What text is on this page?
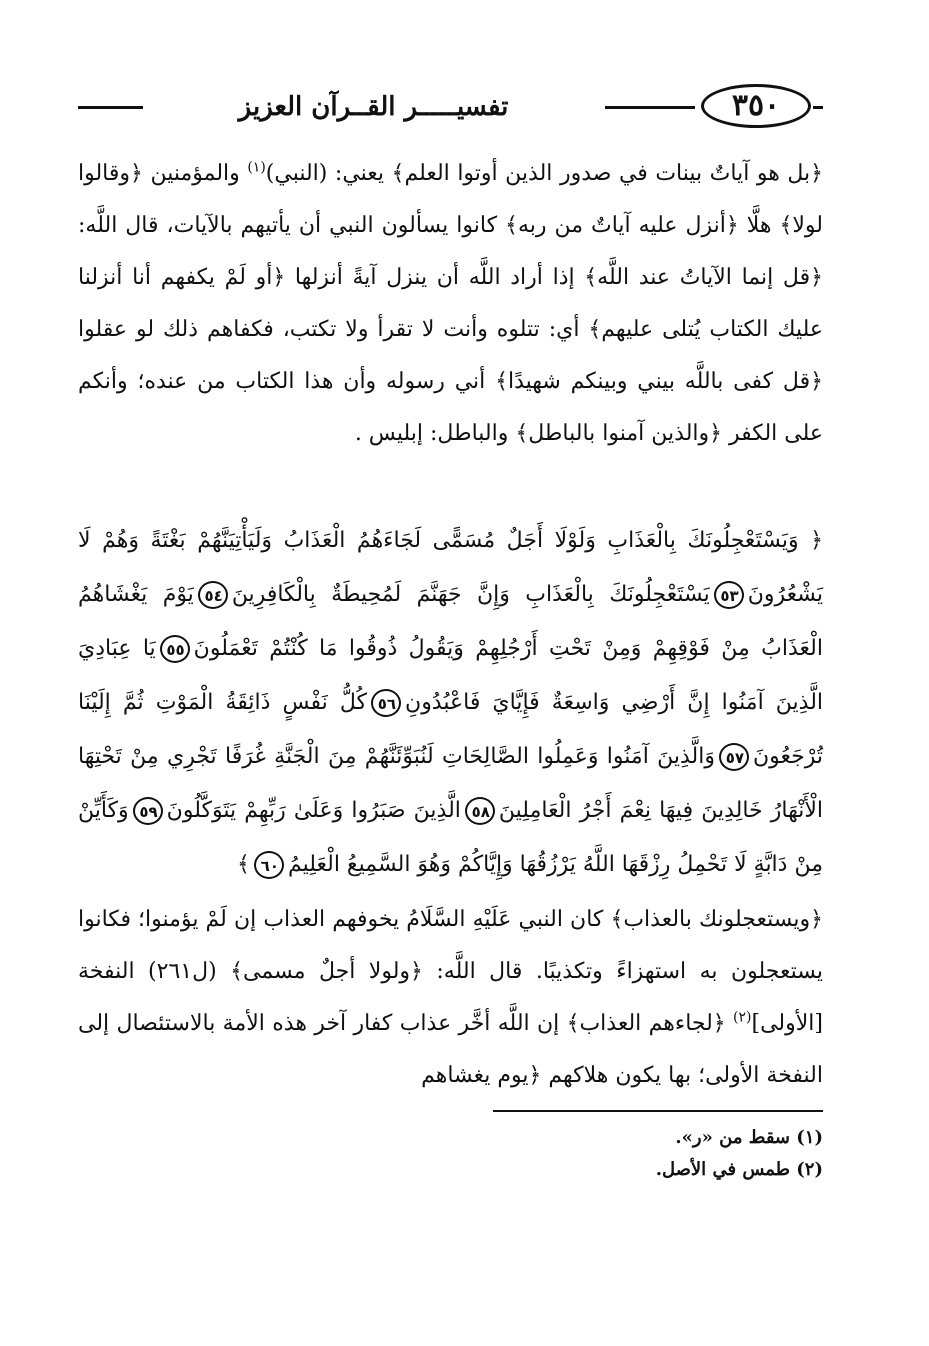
٣٥٠
تفسيـــــر القــرآن العزيز
﴿بل هو آياتٌ بينات في صدور الذين أوتوا العلم﴾ يعني: (النبي)$^{(١)}$ والمؤمنين ﴿وقالوا لولا﴾ هلَّا ﴿أنزل عليه آياتٌ من ربه﴾ كانوا يسألون النبي أن يأتيهم بالآيات، قال اللَّه: ﴿قل إنما الآياتُ عند اللَّه﴾ إذا أراد اللَّه أن ينزل آيةً أنزلها ﴿أو لَمْ يكفهم أنا أنزلنا عليك الكتاب يُتلى عليهم﴾ أي: تتلوه وأنت لا تقرأ ولا تكتب، فكفاهم ذلك لو عقلوا ﴿قل كفى باللَّه بيني وبينكم شهيدًا﴾ أني رسوله وأن هذا الكتاب من عنده؛ وأنكم على الكفر ﴿والذين آمنوا بالباطل﴾ والباطل: إبليس .
﴿ وَيَسْتَعْجِلُونَكَ بِالْعَذَابِ وَلَوْلَا أَجَلٌ مُسَمًّى لَجَاءَهُمُ الْعَذَابُ وَلَيَأْتِيَنَّهُمْ بَغْتَةً وَهُمْ لَا يَشْعُرُونَ٥٣يَسْتَعْجِلُونَكَ بِالْعَذَابِ وَإِنَّ جَهَنَّمَ لَمُحِيطَةٌ بِالْكَافِرِينَ٥٤يَوْمَ يَغْشَاهُمُ الْعَذَابُ مِنْ فَوْقِهِمْ وَمِنْ تَحْتِ أَرْجُلِهِمْ وَيَقُولُ ذُوقُوا مَا كُنْتُمْ تَعْمَلُونَ٥٥يَا عِبَادِيَ الَّذِينَ آمَنُوا إِنَّ أَرْضِي وَاسِعَةٌ فَإِيَّايَ فَاعْبُدُونِ٥٦كُلُّ نَفْسٍ ذَائِقَةُ الْمَوْتِ ثُمَّ إِلَيْنَا تُرْجَعُونَ٥٧وَالَّذِينَ آمَنُوا وَعَمِلُوا الصَّالِحَاتِ لَنُبَوِّئَنَّهُمْ مِنَ الْجَنَّةِ غُرَفًا تَجْرِي مِنْ تَحْتِهَا الْأَنْهَارُ خَالِدِينَ فِيهَا نِعْمَ أَجْرُ الْعَامِلِينَ٥٨الَّذِينَ صَبَرُوا وَعَلَىٰ رَبِّهِمْ يَتَوَكَّلُونَ٥٩وَكَأَيِّنْ مِنْ دَابَّةٍ لَا تَحْمِلُ رِزْقَهَا اللَّهُ يَرْزُقُهَا وَإِيَّاكُمْ وَهُوَ السَّمِيعُ الْعَلِيمُ٦٠﴾
﴿ويستعجلونك بالعذاب﴾ كان النبي عَلَيْهِ السَّلَامُ يخوفهم العذاب إن لَمْ يؤمنوا؛ فكانوا يستعجلون به استهزاءً وتكذيبًا. قال اللَّه: ﴿ولولا أجلٌ مسمى﴾ (ل٢٦١) النفخة [الأولى]$^{(٢)}$ ﴿لجاءهم العذاب﴾ إن اللَّه أخَّر عذاب كفار آخر هذه الأمة بالاستئصال إلى النفخة الأولى؛ بها يكون هلاكهم ﴿يوم يغشاهم
(١) سقط من «ر».
(٢) طمس في الأصل.
